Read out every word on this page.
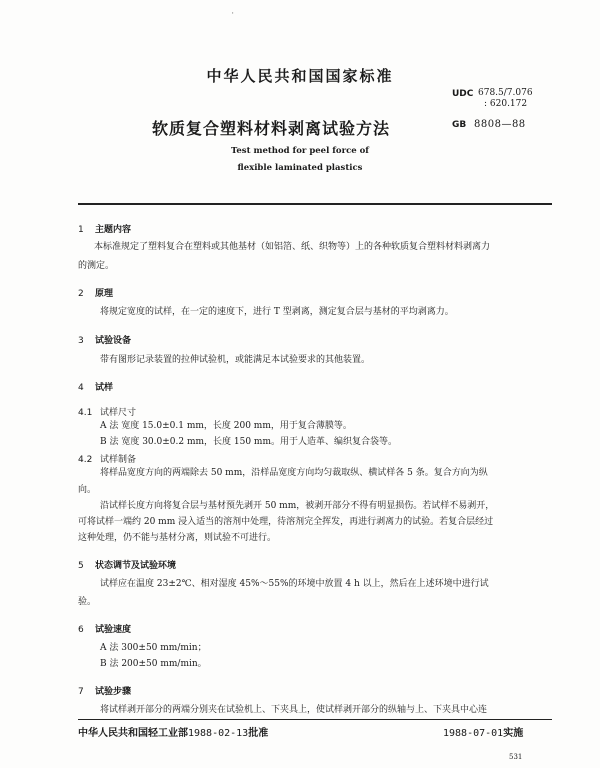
'
中华人民共和国国家标准
UDC 678.5/7.076
: 620.172
软质复合塑料材料剥离试验方法	GB 8808—88
Test method for peel force of
flexible laminated plastics
1 主题内容
本标准规定了塑料复合在塑料或其他基材（如铝箔、纸、织物等）上的各种软质复合塑料材料剥离力
的测定。
2 原理
将规定宽度的试样，在一定的速度下，进行 T 型剥离，测定复合层与基材的平均剥离力。
3 试验设备
带有图形记录装置的拉伸试验机，或能满足本试验要求的其他装置。
4 试样
4.1 试样尺寸
A 法 宽度 15.0±0.1 mm，长度 200 mm，用于复合薄膜等。
B 法 宽度 30.0±0.2 mm，长度 150 mm。用于人造革、编织复合袋等。
4.2 试样制备
将样品宽度方向的两端除去 50 mm，沿样品宽度方向均匀裁取纵、横试样各 5 条。复合方向为纵
向。
沿试样长度方向将复合层与基材预先剥开 50 mm，被剥开部分不得有明显损伤。若试样不易剥开，
可将试样一端约 20 mm 浸入适当的溶剂中处理，待溶剂完全挥发，再进行剥离力的试验。若复合层经过
这种处理，仍不能与基材分离，则试验不可进行。
5 状态调节及试验环境
试样应在温度 23±2℃、相对湿度 45%～55%的环境中放置 4 h 以上，然后在上述环境中进行试
验。
6 试验速度
A 法 300±50 mm/min；
B 法 200±50 mm/min。
7 试验步骤
将试样剥开部分的两端分别夹在试验机上、下夹具上，使试样剥开部分的纵轴与上、下夹具中心连
中华人民共和国轻工业部1988-02-13批准	1988-07-01实施
531
